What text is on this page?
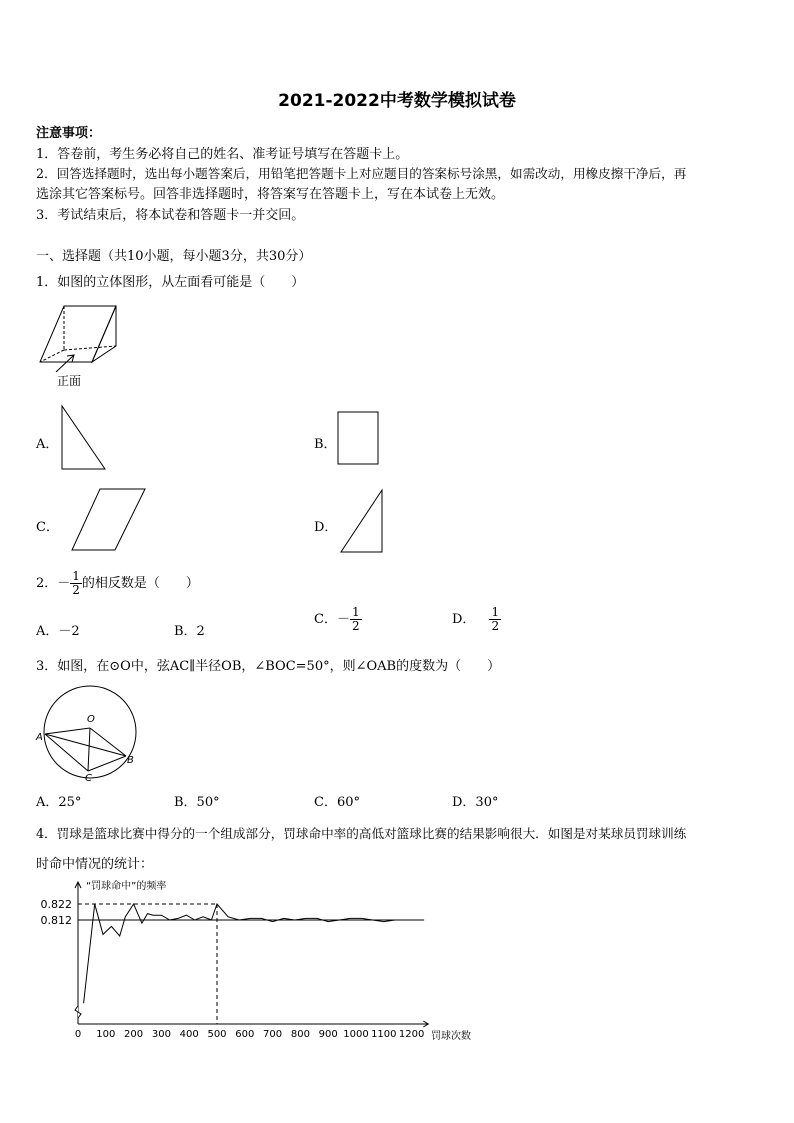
2021-2022中考数学模拟试卷
注意事项：
1．答卷前，考生务必将自己的姓名、准考证号填写在答题卡上。
2．回答选择题时，选出每小题答案后，用铅笔把答题卡上对应题目的答案标号涂黑，如需改动，用橡皮擦干净后，再
选涂其它答案标号。回答非选择题时，将答案写在答题卡上，写在本试卷上无效。
3．考试结束后，将本试卷和答题卡一并交回。
一、选择题（共10小题，每小题3分，共30分）
1．如图的立体图形，从左面看可能是（　　）
正面
A．	B．
C．	D．
2．－ $\frac{1}{2}$ 的相反数是（　　）
A．－2	B．2
C．－ $\frac{1}{2}$	D． $\frac{1}{2}$
3．如图，在⊙O中，弦AC∥半径OB，∠BOC=50°，则∠OAB的度数为（　　）
O
A
B
C
A．25°	B．50°	C．60°	D．30°
4．罚球是篮球比赛中得分的一个组成部分，罚球命中率的高低对篮球比赛的结果影响很大．如图是对某球员罚球训练
时命中情况的统计：
0.812
0.822
0 100 200 300 400 500 600 700 800 900 1000 1100 1200
“罚球命中”的频率
罚球次数
